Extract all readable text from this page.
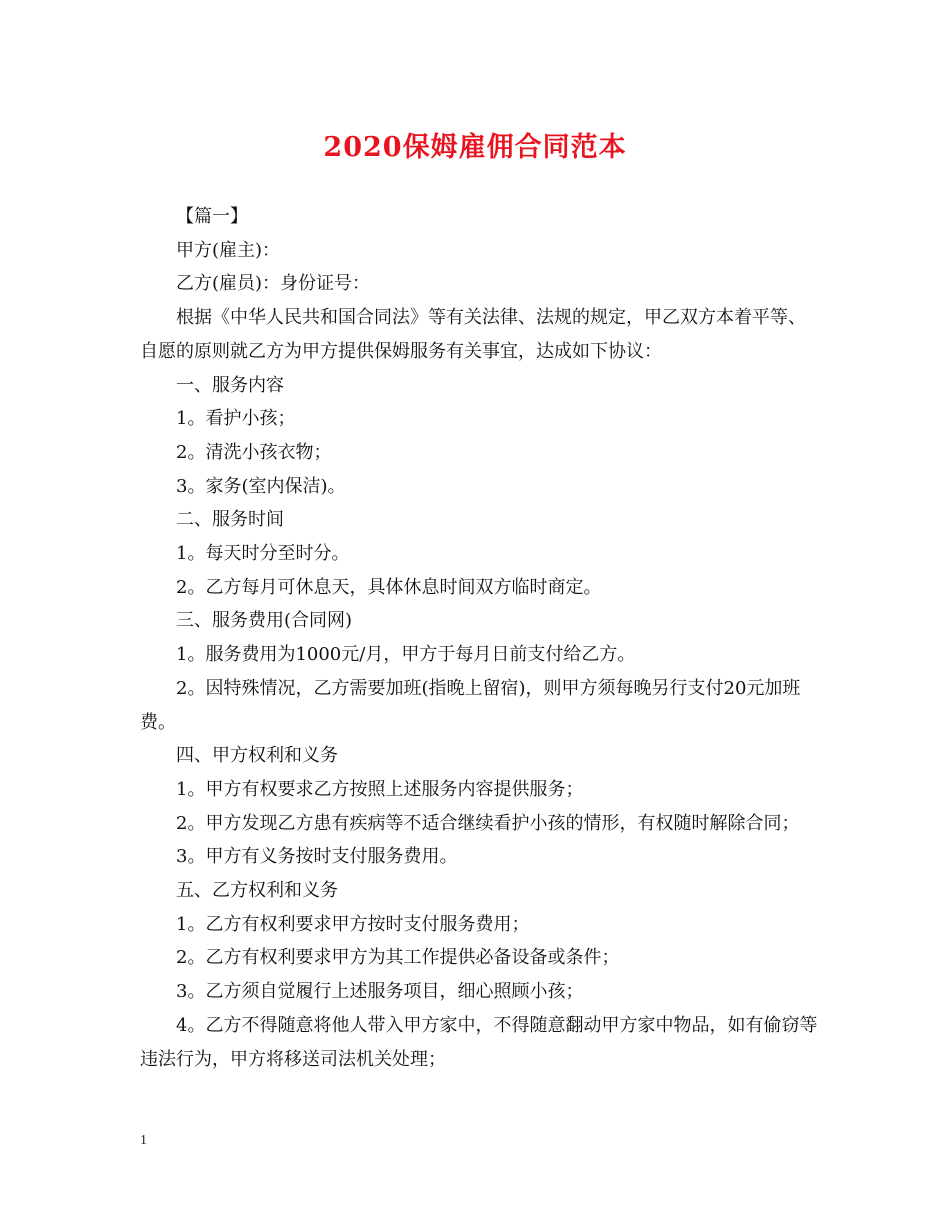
2020保姆雇佣合同范本

【篇一】

甲方(雇主)：

乙方(雇员)：身份证号：

根据《中华人民共和国合同法》等有关法律、法规的规定，甲乙双方本着平等、自愿的原则就乙方为甲方提供保姆服务有关事宜，达成如下协议：

一、服务内容

1。看护小孩；

2。清洗小孩衣物；

3。家务(室内保洁)。

二、服务时间

1。每天时分至时分。

2。乙方每月可休息天，具体休息时间双方临时商定。

三、服务费用(合同网)

1。服务费用为1000元/月，甲方于每月日前支付给乙方。

2。因特殊情况，乙方需要加班(指晚上留宿)，则甲方须每晚另行支付20元加班费。

四、甲方权利和义务

1。甲方有权要求乙方按照上述服务内容提供服务；

2。甲方发现乙方患有疾病等不适合继续看护小孩的情形，有权随时解除合同；

3。甲方有义务按时支付服务费用。

五、乙方权利和义务

1。乙方有权利要求甲方按时支付服务费用；

2。乙方有权利要求甲方为其工作提供必备设备或条件；

3。乙方须自觉履行上述服务项目，细心照顾小孩；

4。乙方不得随意将他人带入甲方家中，不得随意翻动甲方家中物品，如有偷窃等违法行为，甲方将移送司法机关处理；

1
